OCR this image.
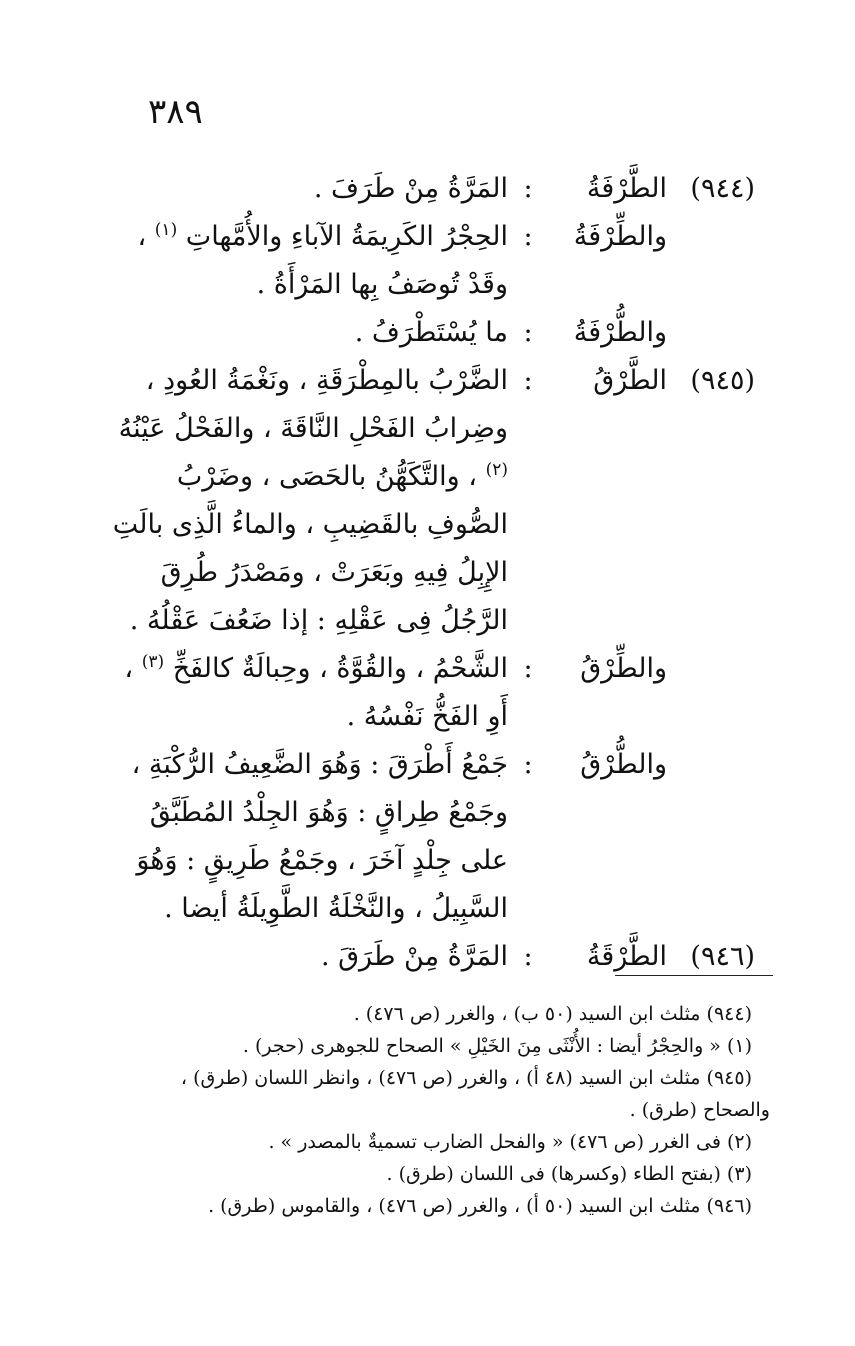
٣٨٩
(٩٤٤)
الطَّرْفَةُ
:
المَرَّةُ مِنْ طَرَفَ .
والطِّرْفَةُ
:
الحِجْرُ الكَرِيمَةُ الآباءِ والأُمَّهاتِ $^{(١)}$ ، وقَدْ تُوصَفُ بِها المَرْأَةُ .
والطُّرْفَةُ
:
ما يُسْتَطْرَفُ .
(٩٤٥)
الطَّرْقُ
:
الضَّرْبُ بالمِطْرَقَةِ ، ونَغْمَةُ العُودِ ، وضِرابُ الفَحْلِ النَّاقَةَ ، والفَحْلُ عَيْنُهُ $^{(٢)}$ ، والتَّكَهُّنُ بالحَصَى ، وضَرْبُ الصُّوفِ بالقَضِيبِ ، والماءُ الَّذِى بالَتِ الإِبِلُ فِيهِ وبَعَرَتْ ، ومَصْدَرُ طُرِقَ الرَّجُلُ فِى عَقْلِهِ : إذا ضَعُفَ عَقْلُهُ .
والطِّرْقُ
:
الشَّحْمُ ، والقُوَّةُ ، وحِبالَةٌ كالفَخِّ $^{(٣)}$ ، أَوِ الفَخُّ نَفْسُهُ .
والطُّرْقُ
:
جَمْعُ أَطْرَقَ : وَهُوَ الضَّعِيفُ الرُّكْبَةِ ، وجَمْعُ طِراقٍ : وَهُوَ الجِلْدُ المُطَبَّقُ على جِلْدٍ آخَرَ ، وجَمْعُ طَرِيقٍ : وَهُوَ السَّبِيلُ ، والنَّخْلَةُ الطَّوِيلَةُ أيضا .
(٩٤٦)
الطَّرْقَةُ
:
المَرَّةُ مِنْ طَرَقَ .
(٩٤٤) مثلث ابن السيد (٥٠ ب) ، والغرر (ص ٤٧٦) .
(١) « والحِجْرُ أيضا : الأُنْثَى مِنَ الخَيْلِ » الصحاح للجوهرى (حجر) .
(٩٤٥) مثلث ابن السيد (٤٨ أ) ، والغرر (ص ٤٧٦) ، وانظر اللسان (طرق) ،
والصحاح (طرق) .
(٢) فى الغرر (ص ٤٧٦) « والفحل الضارب تسميةٌ بالمصدر » .
(٣) (بفتح الطاء (وكسرها) فى اللسان (طرق) .
(٩٤٦) مثلث ابن السيد (٥٠ أ) ، والغرر (ص ٤٧٦) ، والقاموس (طرق) .
